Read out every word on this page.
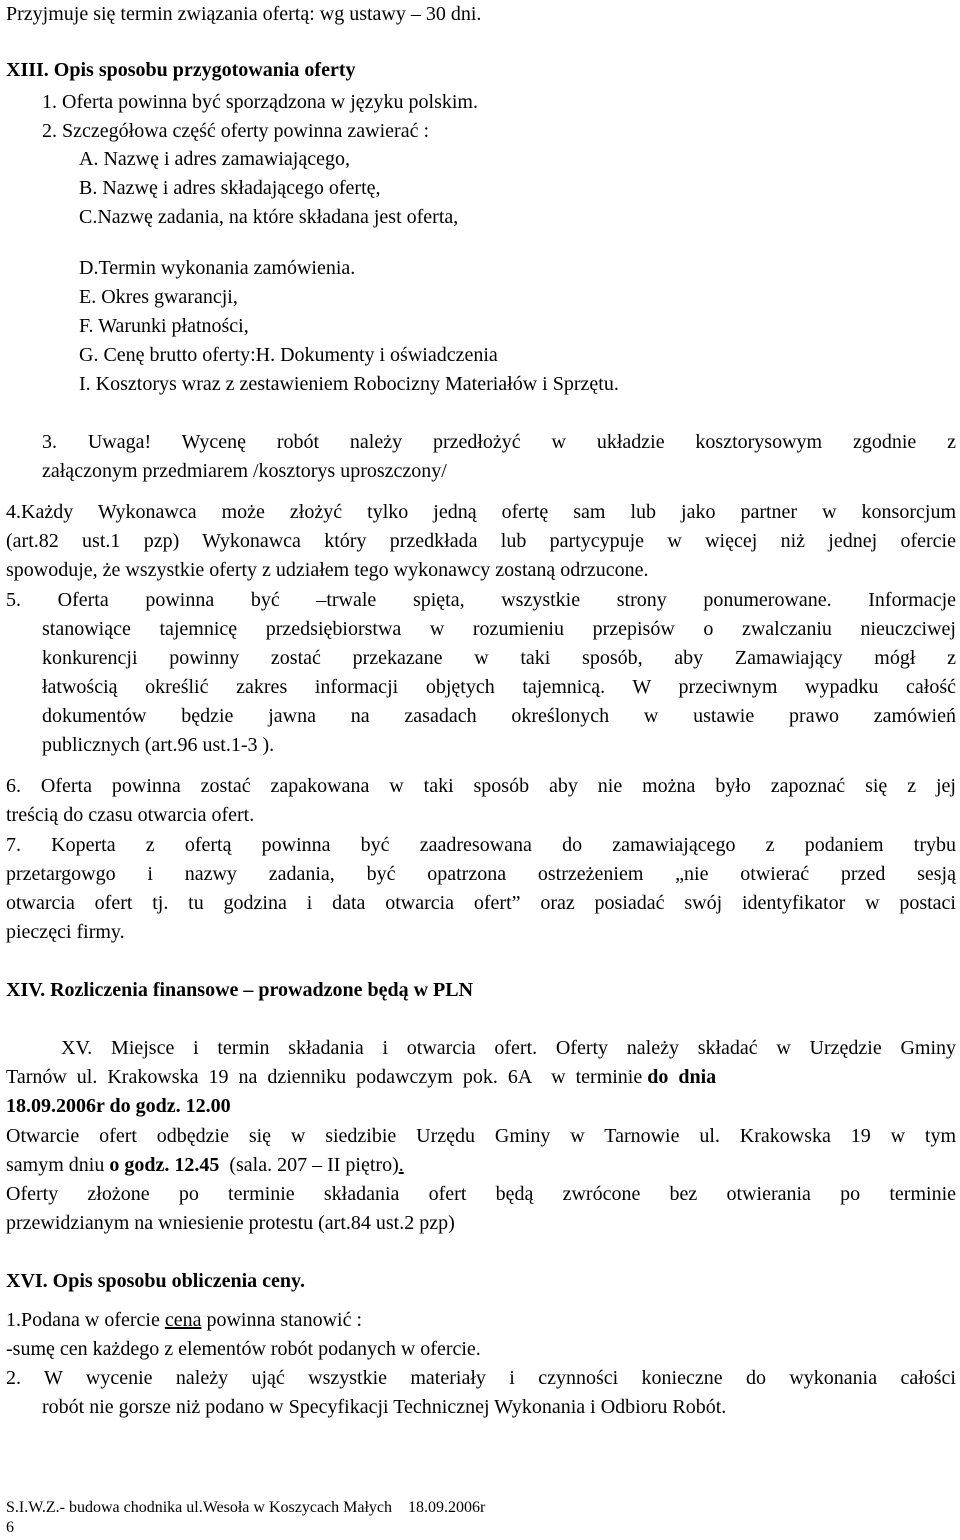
Przyjmuje się termin związania ofertą: wg ustawy – 30 dni.
XIII. Opis sposobu przygotowania oferty
1. Oferta powinna być sporządzona w języku polskim.
2. Szczegółowa część oferty powinna zawierać :
A. Nazwę i adres zamawiającego,
B. Nazwę i adres składającego ofertę,
C.Nazwę zadania, na które składana jest oferta,
D.Termin wykonania zamówienia.
E. Okres gwarancji,
F. Warunki płatności,
G. Cenę brutto oferty:H. Dokumenty i oświadczenia
I. Kosztorys wraz z zestawieniem Robocizny Materiałów i Sprzętu.
3. Uwaga! Wycenę robót należy przedłożyć w układzie kosztorysowym zgodnie z
załączonym przedmiarem /kosztorys uproszczony/
4.Każdy Wykonawca może złożyć tylko jedną ofertę sam lub jako partner w konsorcjum
(art.82 ust.1 pzp) Wykonawca który przedkłada lub partycypuje w więcej niż jednej ofercie
spowoduje, że wszystkie oferty z udziałem tego wykonawcy zostaną odrzucone.
5. Oferta powinna być –trwale spięta, wszystkie strony ponumerowane. Informacje
stanowiące tajemnicę przedsiębiorstwa w rozumieniu przepisów o zwalczaniu nieuczciwej
konkurencji powinny zostać przekazane w taki sposób, aby Zamawiający mógł z
łatwością określić zakres informacji objętych tajemnicą. W przeciwnym wypadku całość
dokumentów będzie jawna na zasadach określonych w ustawie prawo zamówień
publicznych (art.96 ust.1-3 ).
6. Oferta powinna zostać zapakowana w taki sposób aby nie można było zapoznać się z jej
treścią do czasu otwarcia ofert.
7. Koperta z ofertą powinna być zaadresowana do zamawiającego z podaniem trybu
przetargowgo i nazwy zadania, być opatrzona ostrzeżeniem „nie otwierać przed sesją
otwarcia ofert tj. tu godzina i data otwarcia ofert” oraz posiadać swój identyfikator w postaci
pieczęci firmy.
XIV. Rozliczenia finansowe – prowadzone będą w PLN
XV. Miejsce i termin składania i otwarcia ofert. Oferty należy składać w Urzędzie Gminy
Tarnów  ul.  Krakowska  19  na  dzienniku  podawczym  pok.  6A    w  terminie do  dnia
18.09.2006r do godz. 12.00
Otwarcie ofert odbędzie się w siedzibie Urzędu Gminy w Tarnowie ul. Krakowska 19 w tym
samym dniu o godz. 12.45  (sala. 207 – II piętro).
Oferty złożone po terminie składania ofert będą zwrócone bez otwierania po terminie
przewidzianym na wniesienie protestu (art.84 ust.2 pzp)
XVI. Opis sposobu obliczenia ceny.
1.Podana w ofercie cena powinna stanowić :
-sumę cen każdego z elementów robót podanych w ofercie.
2. W wycenie należy ująć wszystkie materiały i czynności konieczne do wykonania całości
robót nie gorsze niż podano w Specyfikacji Technicznej Wykonania i Odbioru Robót.
S.I.W.Z.- budowa chodnika ul.Wesoła w Koszycach Małych    18.09.2006r
6
